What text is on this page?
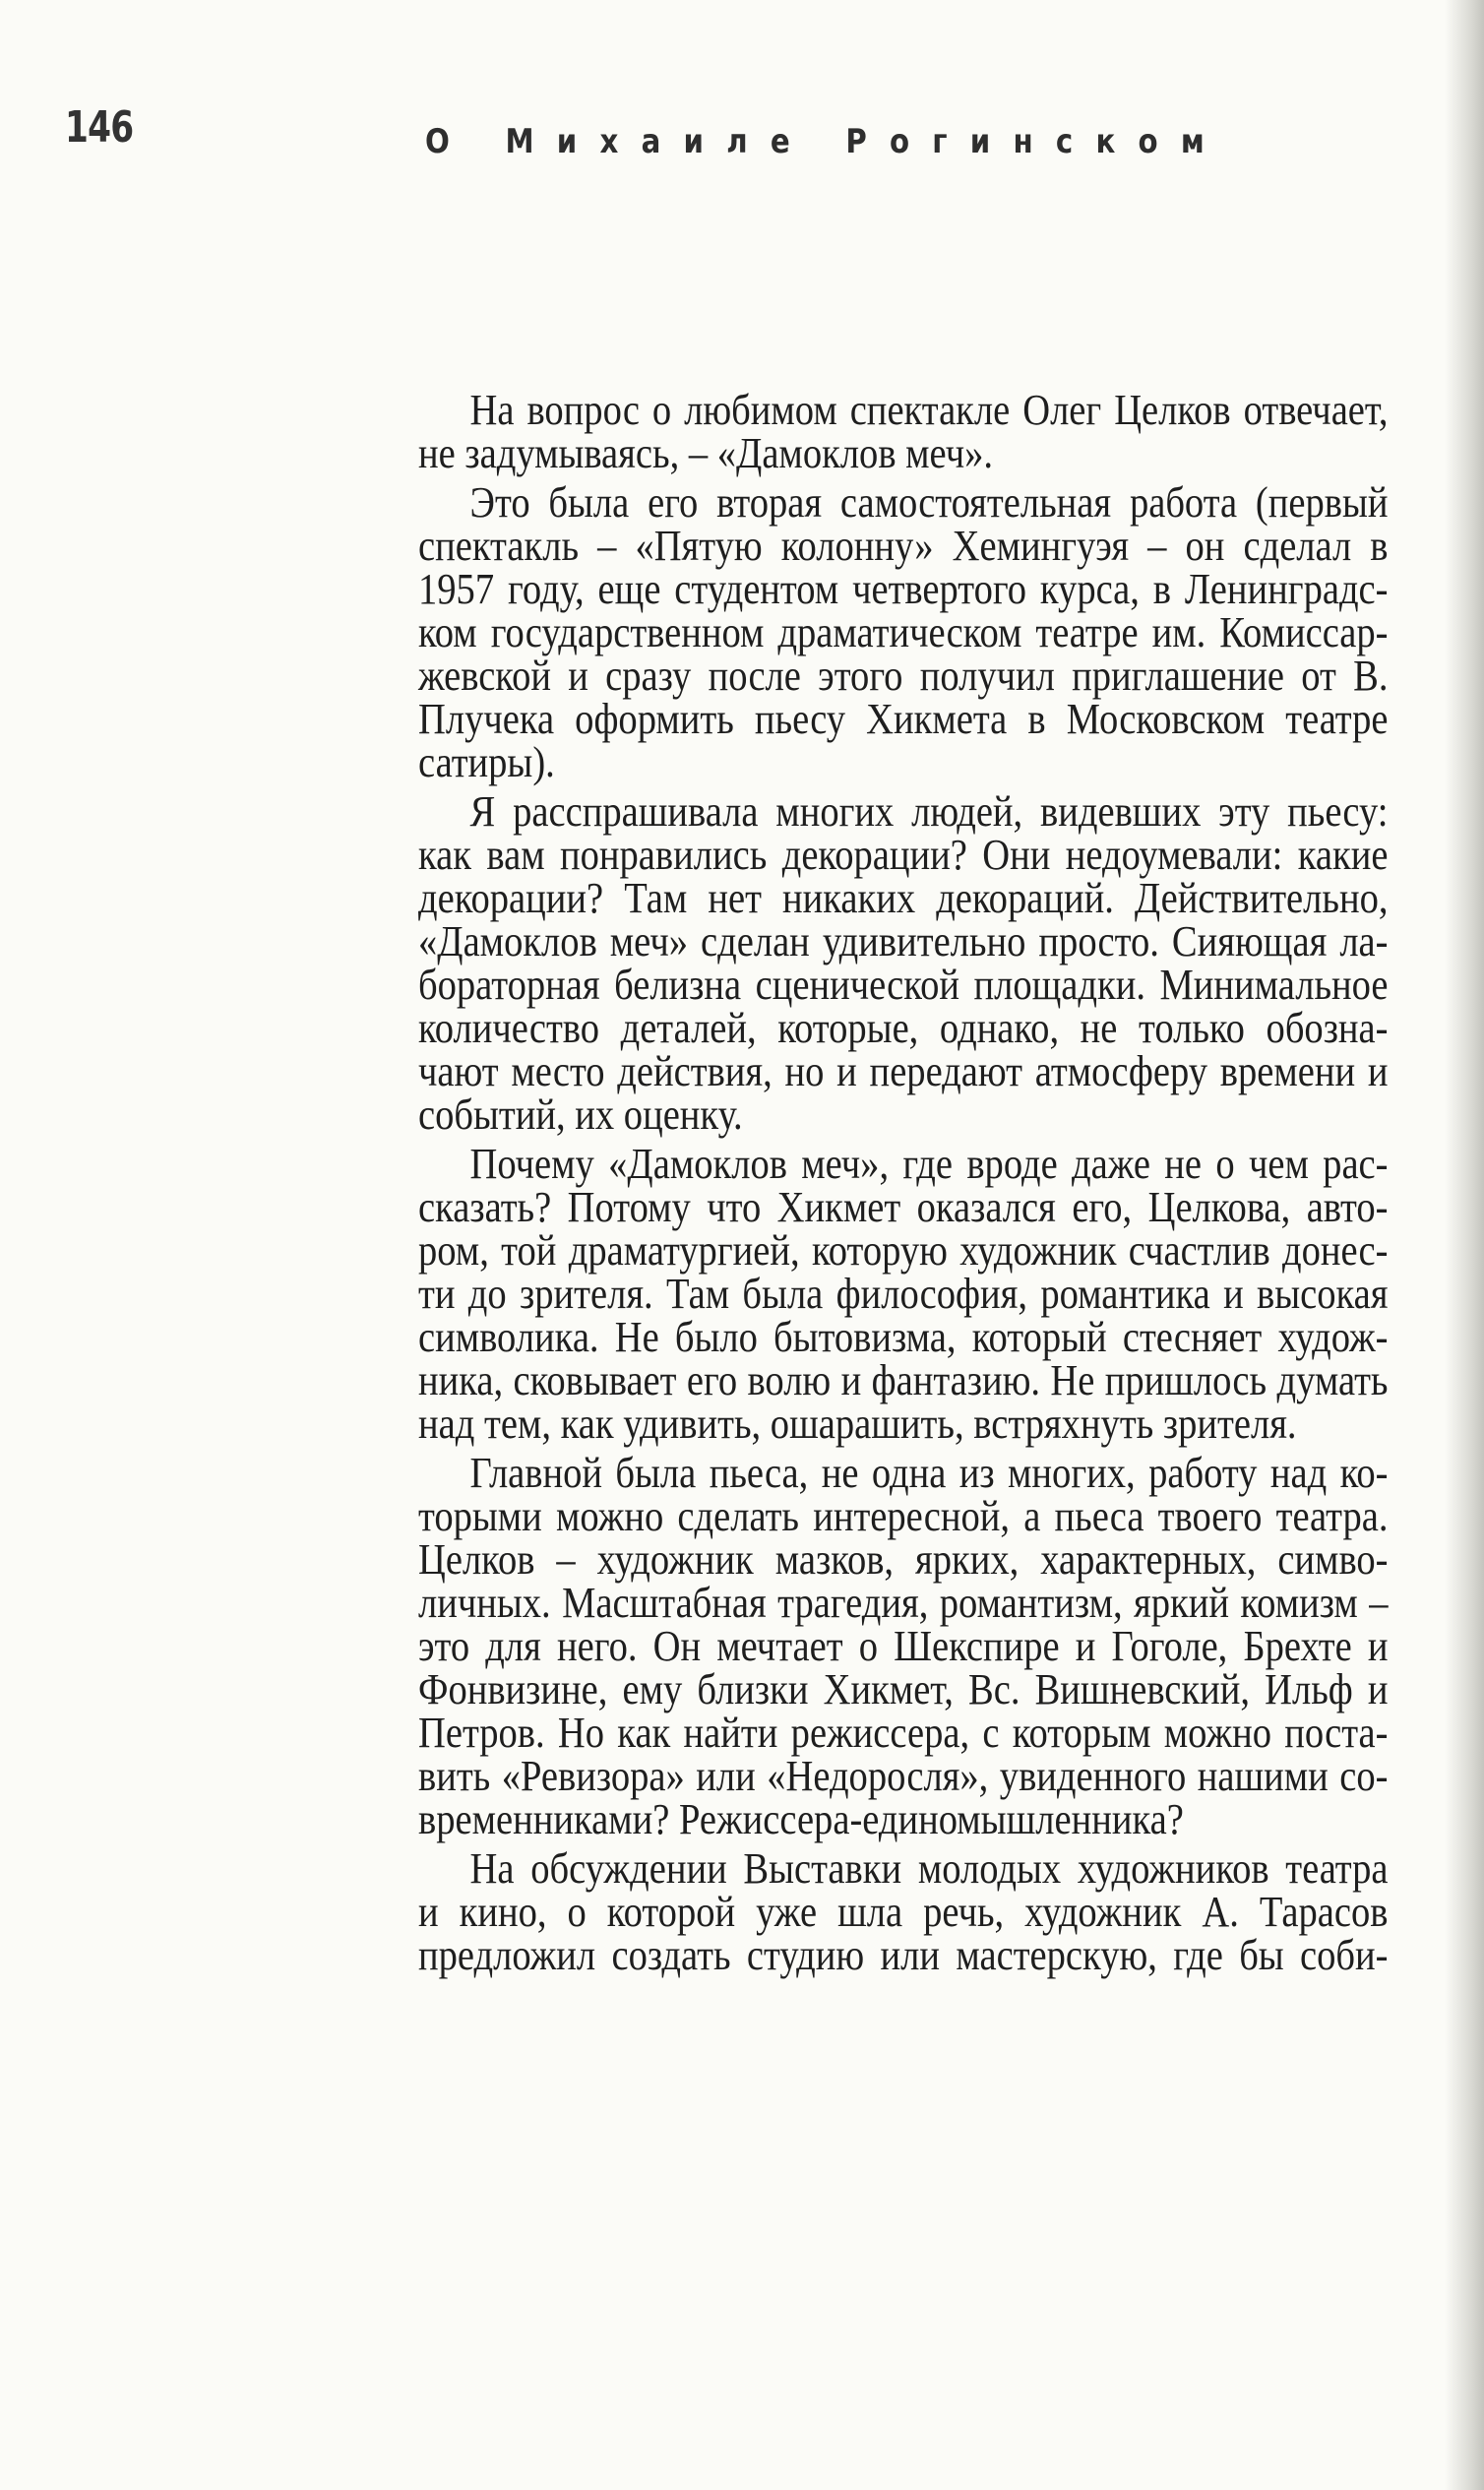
146	О Михаиле Рогинском
На вопрос о любимом спектакле Олег Целков отвечает,
не задумываясь, – «Дамоклов меч».
Это была его вторая самостоятельная работа (первый
спектакль – «Пятую колонну» Хемингуэя – он сделал в
1957 году, еще студентом четвертого курса, в Ленинградс-
ком государственном драматическом театре им. Комиссар-
жевской и сразу после этого получил приглашение от В.
Плучека оформить пьесу Хикмета в Московском театре
сатиры).
Я расспрашивала многих людей, видевших эту пьесу:
как вам понравились декорации? Они недоумевали: какие
декорации? Там нет никаких декораций. Действительно,
«Дамоклов меч» сделан удивительно просто. Сияющая ла-
бораторная белизна сценической площадки. Минимальное
количество деталей, которые, однако, не только обозна-
чают место действия, но и передают атмосферу времени и
событий, их оценку.
Почему «Дамоклов меч», где вроде даже не о чем рас-
сказать? Потому что Хикмет оказался его, Целкова, авто-
ром, той драматургией, которую художник счастлив донес-
ти до зрителя. Там была философия, романтика и высокая
символика. Не было бытовизма, который стесняет худож-
ника, сковывает его волю и фантазию. Не пришлось думать
над тем, как удивить, ошарашить, встряхнуть зрителя.
Главной была пьеса, не одна из многих, работу над ко-
торыми можно сделать интересной, а пьеса твоего театра.
Целков – художник мазков, ярких, характерных, симво-
личных. Масштабная трагедия, романтизм, яркий комизм –
это для него. Он мечтает о Шекспире и Гоголе, Брехте и
Фонвизине, ему близки Хикмет, Вс. Вишневский, Ильф и
Петров. Но как найти режиссера, с которым можно поста-
вить «Ревизора» или «Недоросля», увиденного нашими со-
временниками? Режиссера-единомышленника?
На обсуждении Выставки молодых художников театра
и кино, о которой уже шла речь, художник А. Тарасов
предложил создать студию или мастерскую, где бы соби-
